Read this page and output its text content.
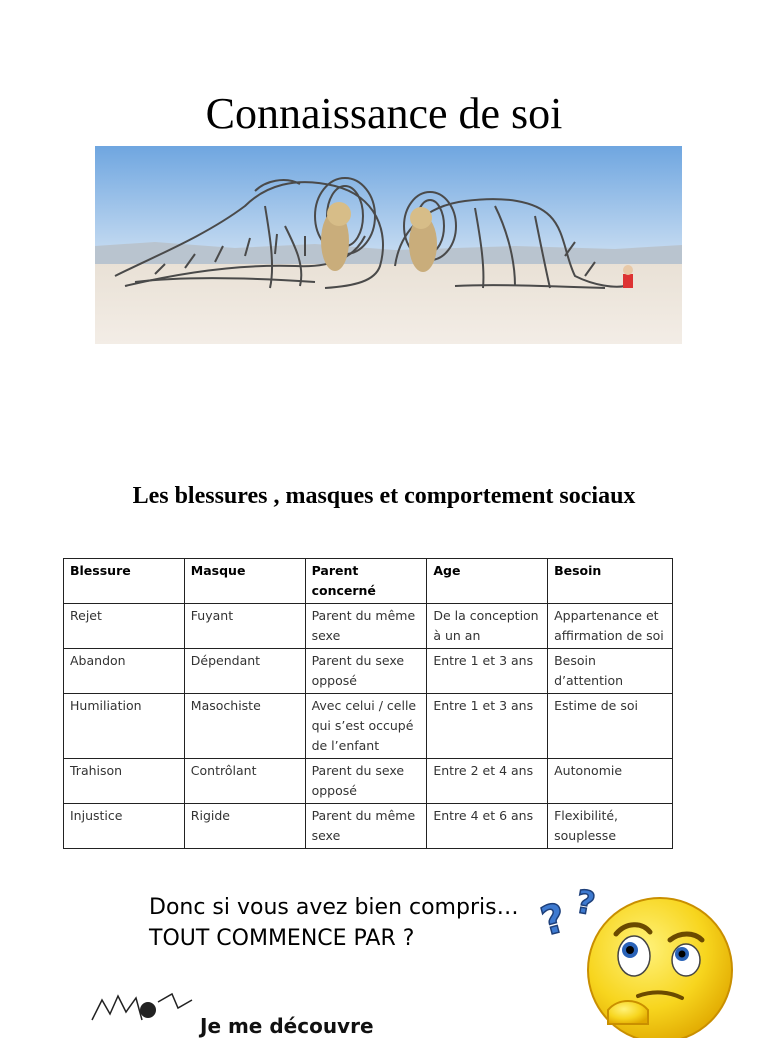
Connaissance de soi
Les blessures , masques et comportement sociaux
Blessure	Masque	Parent concerné	Age	Besoin
Rejet	Fuyant	Parent du même sexe	De la conception à un an	Appartenance et affirmation de soi
Abandon	Dépendant	Parent du sexe opposé	Entre 1 et 3 ans	Besoin d’attention
Humiliation	Masochiste	Avec celui / celle qui s’est occupé de l’enfant	Entre 1 et 3 ans	Estime de soi
Trahison	Contrôlant	Parent du sexe opposé	Entre 2 et 4 ans	Autonomie
Injustice	Rigide	Parent du même sexe	Entre 4 et 6 ans	Flexibilité, souplesse
Donc si vous avez bien compris…
TOUT COMMENCE PAR ?	? ?
Je me découvre
